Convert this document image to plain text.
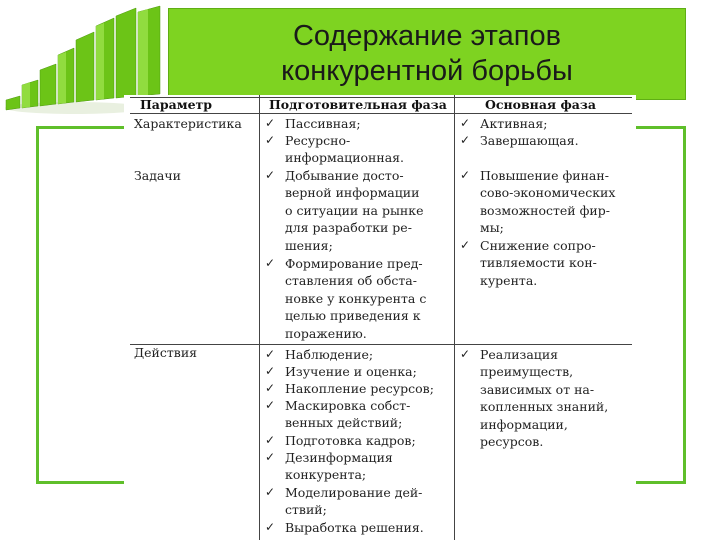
Содержание этапов
конкурентной борьбы
Параметр	Подготовительная фаза	Основная фаза
Характеристика
Задачи
Действия
✓ Пассивная;
✓ Ресурсно-
информационная.
✓ Активная;
✓ Завершающая.
✓ Добывание досто-
верной информации
о ситуации на рынке
для разработки ре-
шения;
✓ Формирование пред-
ставления об обста-
новке у конкурента с
целью приведения к
поражению.
✓ Повышение финан-
сово-экономических
возможностей фир-
мы;
✓ Снижение сопро-
тивляемости кон-
курента.
✓ Наблюдение;
✓ Изучение и оценка;
✓ Накопление ресурсов;
✓ Маскировка собст-
венных действий;
✓ Подготовка кадров;
✓ Дезинформация
конкурента;
✓ Моделирование дей-
ствий;
✓ Выработка решения.
✓ Реализация
преимуществ,
зависимых от на-
копленных знаний,
информации,
ресурсов.
